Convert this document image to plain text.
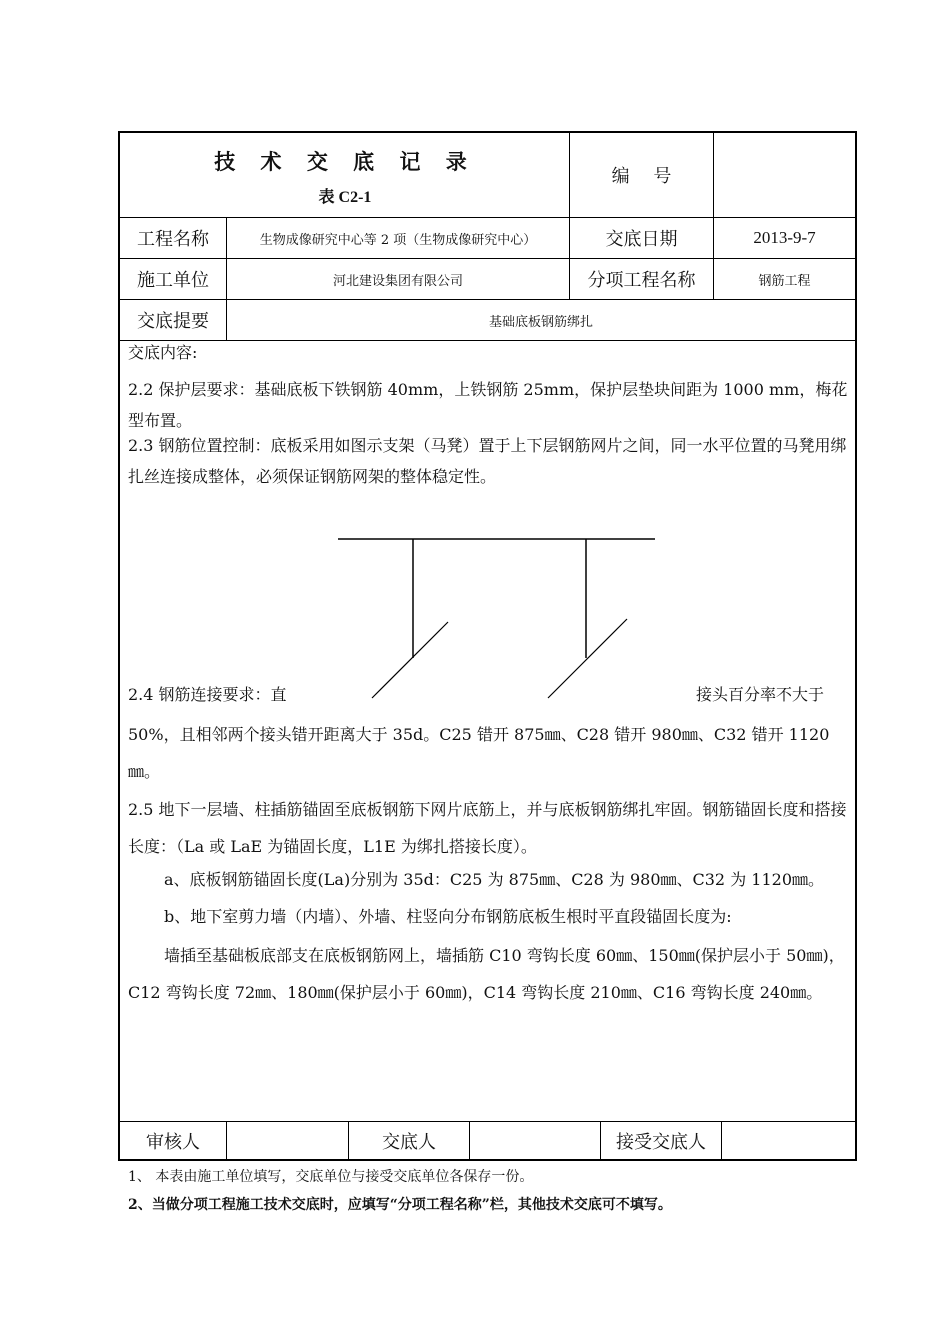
技 术 交 底 记 录
表 C2-1
编 号
工程名称	生物成像研究中心等 2 项（生物成像研究中心）	交底日期	2013-9-7
施工单位	河北建设集团有限公司	分项工程名称	钢筋工程
交底提要	基础底板钢筋绑扎

交底内容:

2.2 保护层要求：基础底板下铁钢筋 40mm，上铁钢筋 25mm，保护层垫块间距为 1000 mm，梅花型布置。

2.3 钢筋位置控制：底板采用如图示支架（马凳）置于上下层钢筋网片之间，同一水平位置的马凳用绑扎丝连接成整体，必须保证钢筋网架的整体稳定性。

2.4 钢筋连接要求：直	接头百分率不大于

50%，且相邻两个接头错开距离大于 35d。C25 错开 875㎜、C28 错开 980㎜、C32 错开 1120㎜。

2.5 地下一层墙、柱插筋锚固至底板钢筋下网片底筋上，并与底板钢筋绑扎牢固。钢筋锚固长度和搭接长度：（La 或 LaE 为锚固长度，L1E 为绑扎搭接长度）。

a、底板钢筋锚固长度(La)分别为 35d：C25 为 875㎜、C28 为 980㎜、C32 为 1120㎜。

b、地下室剪力墙（内墙）、外墙、柱竖向分布钢筋底板生根时平直段锚固长度为:

墙插至基础板底部支在底板钢筋网上，墙插筋 C10 弯钩长度 60㎜、150㎜(保护层小于 50㎜)，C12 弯钩长度 72㎜、180㎜(保护层小于 60㎜)，C14 弯钩长度 210㎜、C16 弯钩长度 240㎜。

审核人	交底人	接受交底人
1、 本表由施工单位填写，交底单位与接受交底单位各保存一份。
2、当做分项工程施工技术交底时，应填写“分项工程名称”栏，其他技术交底可不填写。
